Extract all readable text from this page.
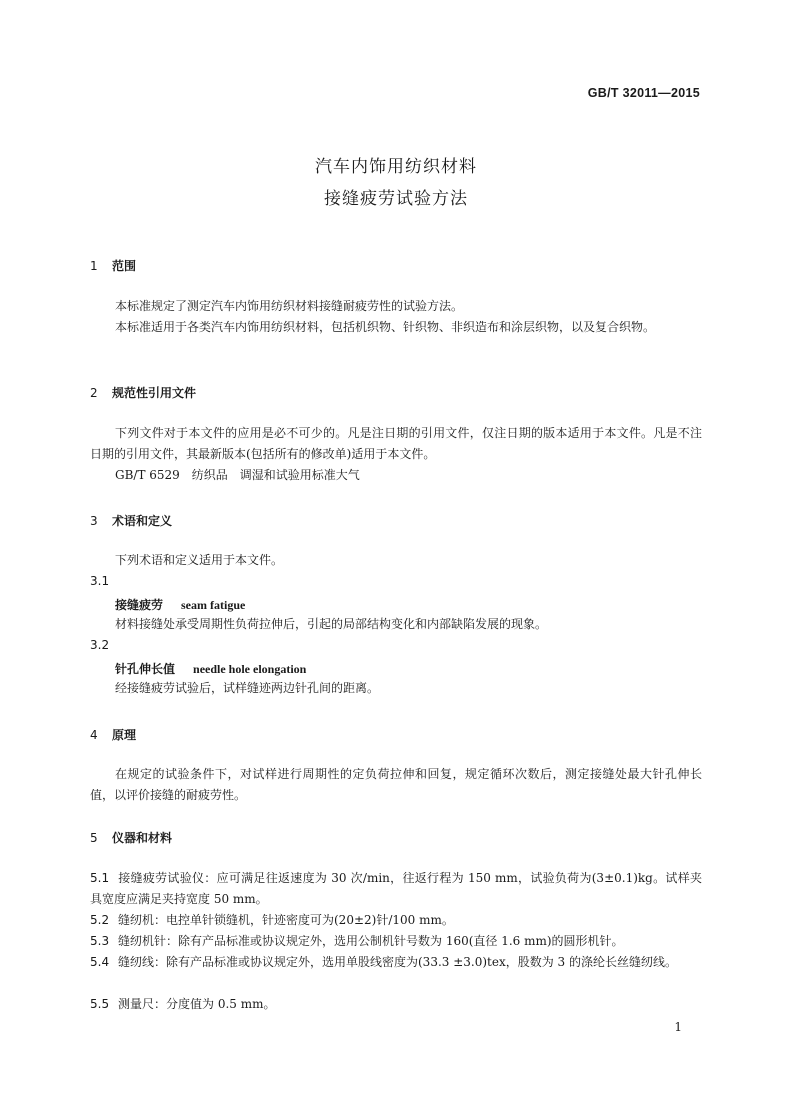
GB/T 32011—2015
汽车内饰用纺织材料
接缝疲劳试验方法
1 范围
本标准规定了测定汽车内饰用纺织材料接缝耐疲劳性的试验方法。
本标准适用于各类汽车内饰用纺织材料，包括机织物、针织物、非织造布和涂层织物，以及复合织物。
2 规范性引用文件
下列文件对于本文件的应用是必不可少的。凡是注日期的引用文件，仅注日期的版本适用于本文件。凡是不注日期的引用文件，其最新版本(包括所有的修改单)适用于本文件。
GB/T 6529　纺织品　调湿和试验用标准大气
3 术语和定义
下列术语和定义适用于本文件。
3.1
接缝疲劳 seam fatigue
材料接缝处承受周期性负荷拉伸后，引起的局部结构变化和内部缺陷发展的现象。
3.2
针孔伸长值 needle hole elongation
经接缝疲劳试验后，试样缝迹两边针孔间的距离。
4 原理
在规定的试验条件下，对试样进行周期性的定负荷拉伸和回复，规定循环次数后，测定接缝处最大针孔伸长值，以评价接缝的耐疲劳性。
5 仪器和材料
5.1 接缝疲劳试验仪：应可满足往返速度为 30 次/min，往返行程为 150 mm，试验负荷为(3±0.1)kg。试样夹具宽度应满足夹持宽度 50 mm。
5.2 缝纫机：电控单针锁缝机，针迹密度可为(20±2)针/100 mm。
5.3 缝纫机针：除有产品标准或协议规定外，选用公制机针号数为 160(直径 1.6 mm)的圆形机针。
5.4 缝纫线：除有产品标准或协议规定外，选用单股线密度为(33.3 ±3.0)tex，股数为 3 的涤纶长丝缝纫线。
5.5 测量尺：分度值为 0.5 mm。
1
